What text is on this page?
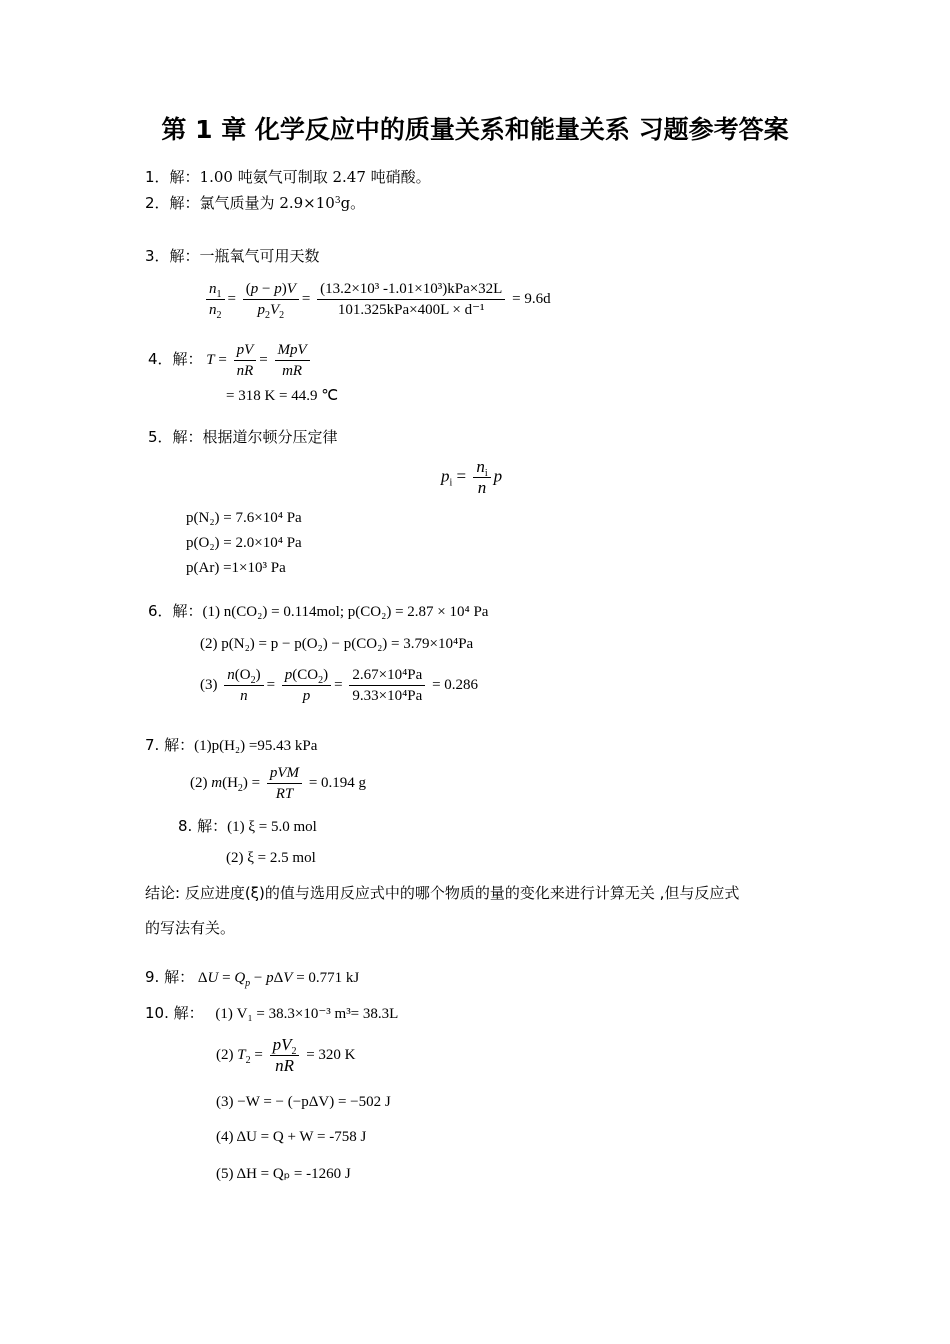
第 1 章 化学反应中的质量关系和能量关系 习题参考答案
1．解：1.00 吨氨气可制取 2.47 吨硝酸。
2．解：氯气质量为 $2.9\times 10^3g$。
3．解：一瓶氧气可用天数
$\frac{n_1}{n_2} = \frac{(p - p)V}{p_2V_2} = \frac{\text{(13.2×10³ -1.01×10³)kPa×32L}}{\text{101.325kPa×400L × d⁻¹}} = 9.6d$
4．解： $T = \frac{pV}{nR} = \frac{\text{MpV}}{mR}$
= 318 K = 44.9 ℃
5．解：根据道尔顿分压定律
$p_i = \frac{n_i}{n}$ p
p(N₂) = 7.6×10⁴ Pa
p(O₂) = 2.0×10⁴ Pa
p(Ar) =1×10³ Pa
6．解：(1) n(CO₂) = 0.114mol; p(CO₂) = 2.87 × 10⁴ Pa
(2) p(N₂) = p − p(O₂) − p(CO₂) = 3.79×10⁴Pa
$(3) \frac{n(O_2)}{n} = \frac{p(CO_2)}{p} = \frac{\text{2.67×10⁴Pa}}{\text{9.33×10⁴Pa}} = 0.286$
7. 解：(1)p(H₂) =95.43 kPa
(2) $m(H_2) = \frac{\text{pVM}}{RT} = 0.194$ g
8. 解：(1) ξ = 5.0 mol
(2) ξ = 2.5 mol
结论: 反应进度(ξ)的值与选用反应式中的哪个物质的量的变化来进行计算无关 ,但与反应式
的写法有关。
9. 解： $\Delta U = Q_p - p\Delta V = 0.771$ kJ
10. 解： (1) V₁ = 38.3×10⁻³ m³= 38.3L
(2) $T_2 = \frac{pV_2}{nR} = 320$ K
(3) −W = − (−pΔV) = −502 J
(4) ΔU = Q + W = -758 J
(5) ΔH = Qₚ = -1260 J
